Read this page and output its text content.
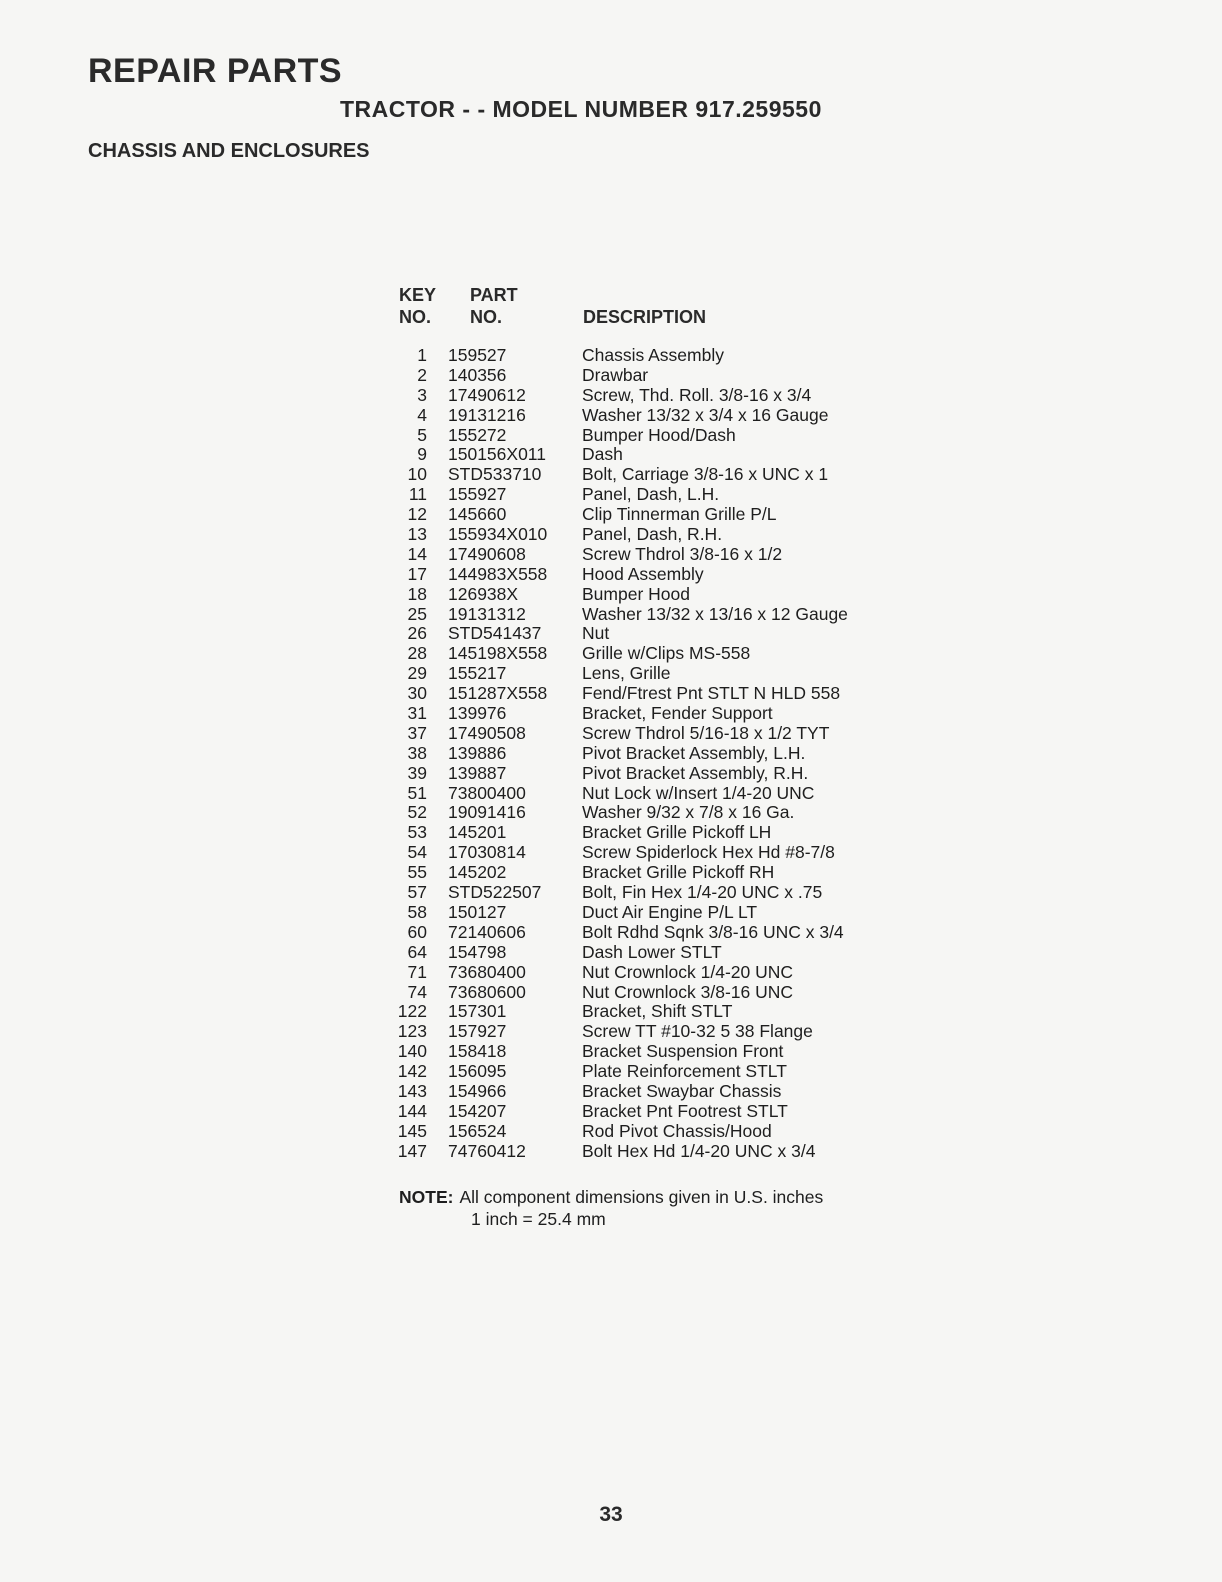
REPAIR PARTS
TRACTOR - - MODEL NUMBER 917.259550
CHASSIS AND ENCLOSURES
KEY
NO.
PART
NO.	DESCRIPTION
1	159527	Chassis Assembly
2	140356	Drawbar
3	17490612	Screw, Thd. Roll. 3/8-16 x 3/4
4	19131216	Washer 13/32 x 3/4 x 16 Gauge
5	155272	Bumper Hood/Dash
9	150156X011	Dash
10	STD533710	Bolt, Carriage 3/8-16 x UNC x 1
11	155927	Panel, Dash, L.H.
12	145660	Clip Tinnerman Grille P/L
13	155934X010	Panel, Dash, R.H.
14	17490608	Screw Thdrol 3/8-16 x 1/2
17	144983X558	Hood Assembly
18	126938X	Bumper Hood
25	19131312	Washer 13/32 x 13/16 x 12 Gauge
26	STD541437	Nut
28	145198X558	Grille w/Clips MS-558
29	155217	Lens, Grille
30	151287X558	Fend/Ftrest Pnt STLT N HLD 558
31	139976	Bracket, Fender Support
37	17490508	Screw Thdrol 5/16-18 x 1/2 TYT
38	139886	Pivot Bracket Assembly, L.H.
39	139887	Pivot Bracket Assembly, R.H.
51	73800400	Nut Lock w/Insert 1/4-20 UNC
52	19091416	Washer 9/32 x 7/8 x 16 Ga.
53	145201	Bracket Grille Pickoff LH
54	17030814	Screw Spiderlock Hex Hd #8-7/8
55	145202	Bracket Grille Pickoff RH
57	STD522507	Bolt, Fin Hex 1/4-20 UNC x .75
58	150127	Duct Air Engine P/L LT
60	72140606	Bolt Rdhd Sqnk 3/8-16 UNC x 3/4
64	154798	Dash Lower STLT
71	73680400	Nut Crownlock 1/4-20 UNC
74	73680600	Nut Crownlock 3/8-16 UNC
122	157301	Bracket, Shift STLT
123	157927	Screw TT #10-32 5 38 Flange
140	158418	Bracket Suspension Front
142	156095	Plate Reinforcement STLT
143	154966	Bracket Swaybar Chassis
144	154207	Bracket Pnt Footrest STLT
145	156524	Rod Pivot Chassis/Hood
147	74760412	Bolt Hex Hd 1/4-20 UNC x 3/4
NOTE: All component dimensions given in U.S. inches
1 inch = 25.4 mm
33
